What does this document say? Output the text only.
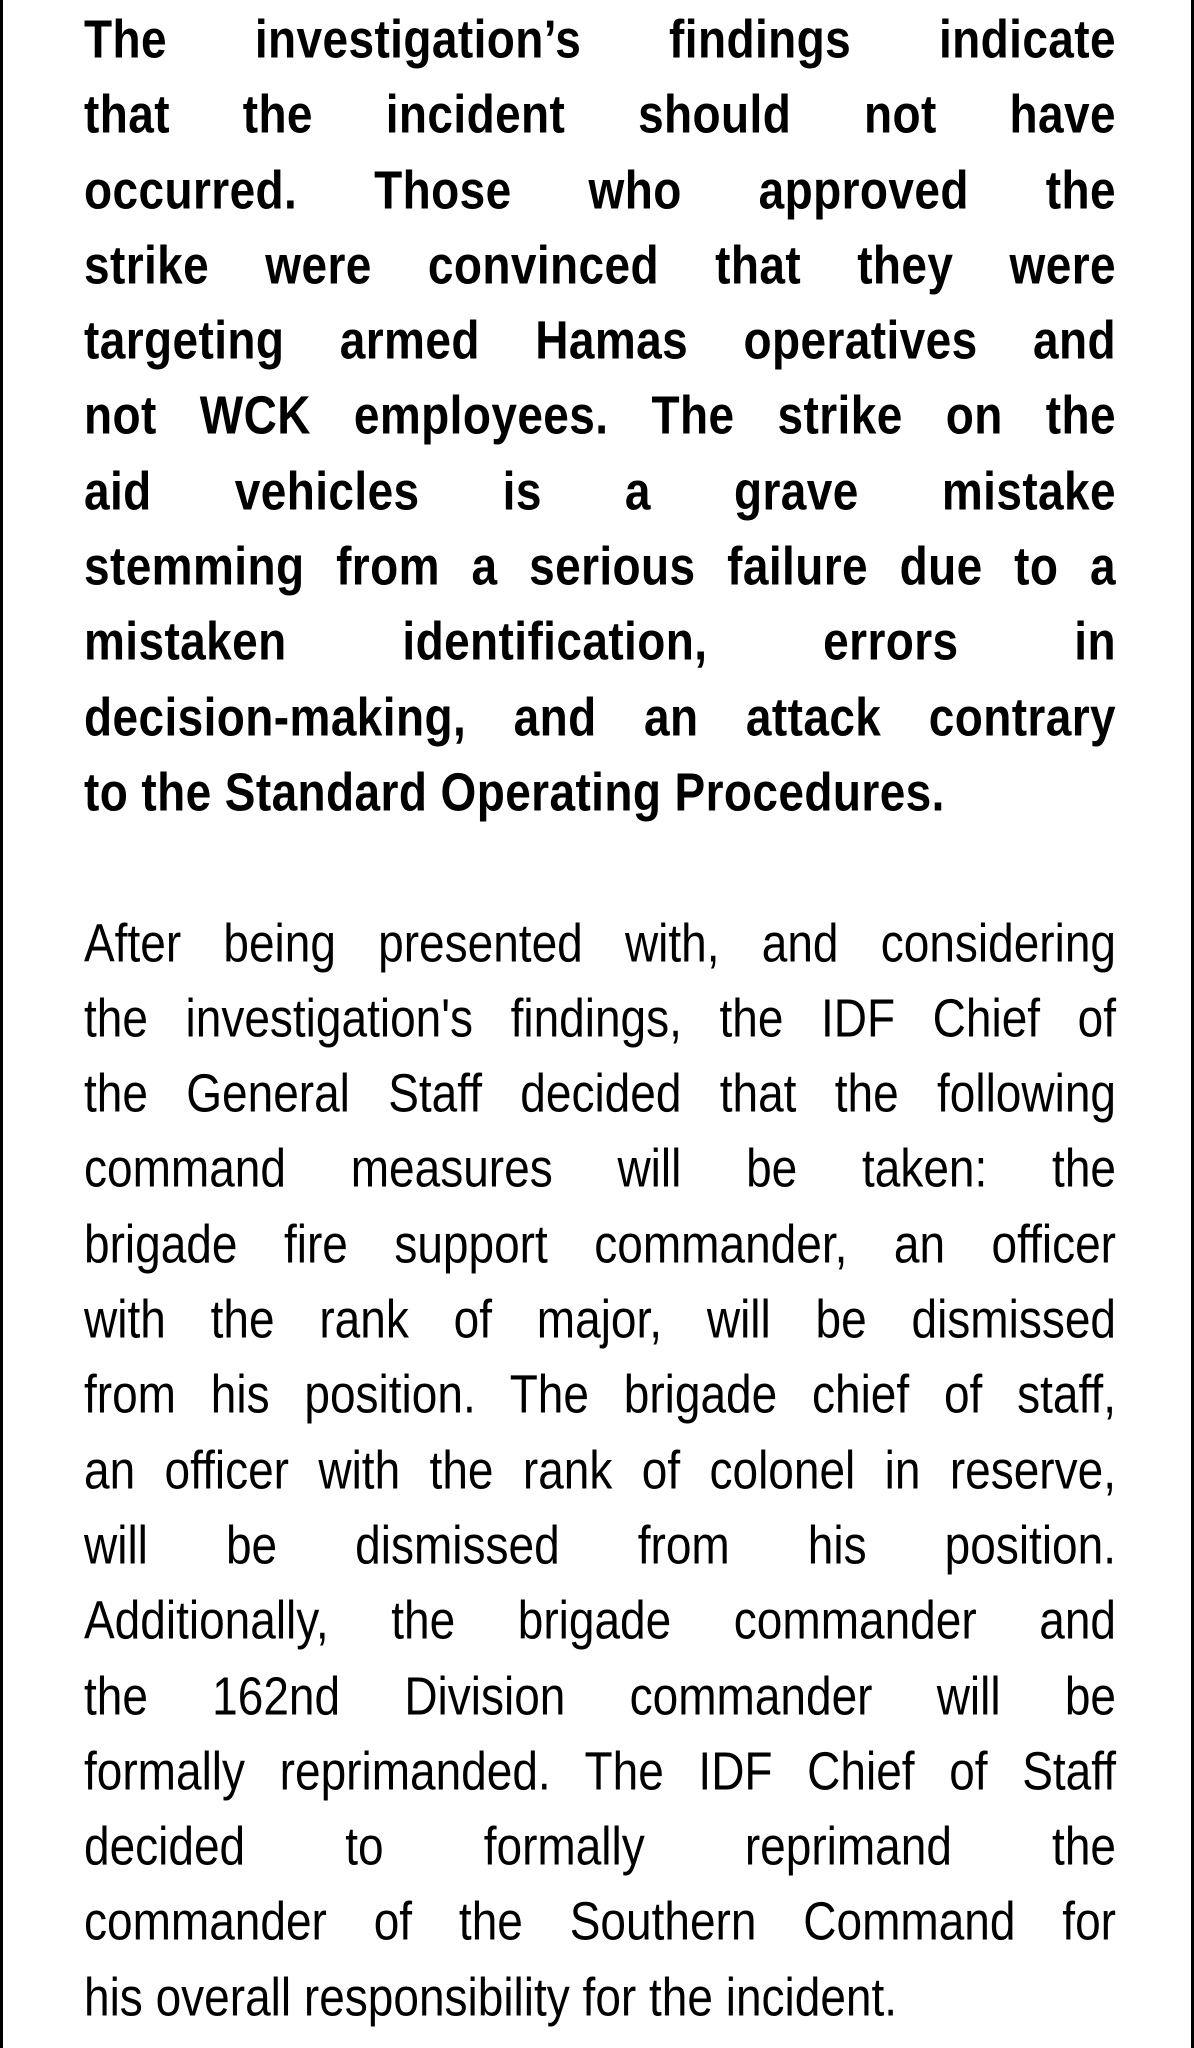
The investigation’s findings indicate
that the incident should not have
occurred. Those who approved the
strike were convinced that they were
targeting armed Hamas operatives and
not WCK employees. The strike on the
aid vehicles is a grave mistake
stemming from a serious failure due to a
mistaken identification, errors in
decision-making, and an attack contrary
to the Standard Operating Procedures.

After being presented with, and considering
the investigation's findings, the IDF Chief of
the General Staff decided that the following
command measures will be taken: the
brigade fire support commander, an officer
with the rank of major, will be dismissed
from his position. The brigade chief of staff,
an officer with the rank of colonel in reserve,
will be dismissed from his position.
Additionally, the brigade commander and
the 162nd Division commander will be
formally reprimanded. The IDF Chief of Staff
decided to formally reprimand the
commander of the Southern Command for
his overall responsibility for the incident.
